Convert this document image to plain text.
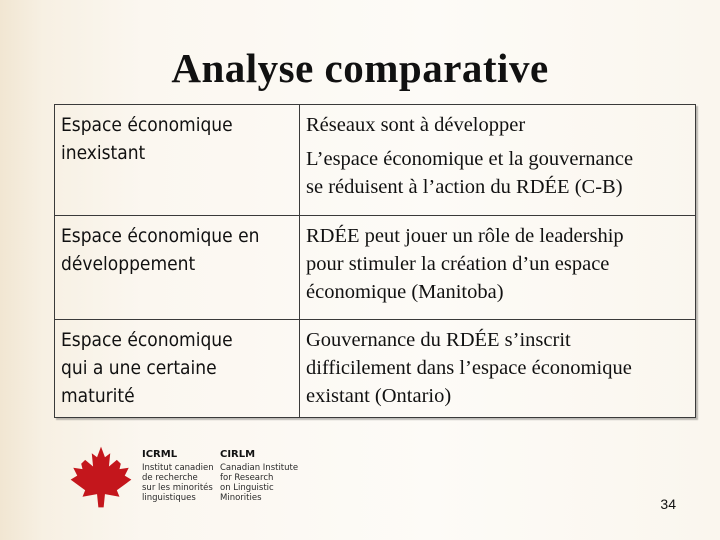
Analyse comparative
Espace économique
inexistant	Réseaux sont à développer
L’espace économique et la gouvernance
se réduisent à l’action du RDÉE (C-B)

Espace économique en
développement	RDÉE peut jouer un rôle de leadership
pour stimuler la création d’un espace
économique (Manitoba)

Espace économique
qui a une certaine
maturité	Gouvernance du RDÉE s’inscrit
difficilement dans l’espace économique
existant (Ontario)
ICRML
Institut canadien
de recherche
sur les minorités
linguistiques
CIRLM
Canadian Institute
for Research
on Linguistic
Minorities	34
